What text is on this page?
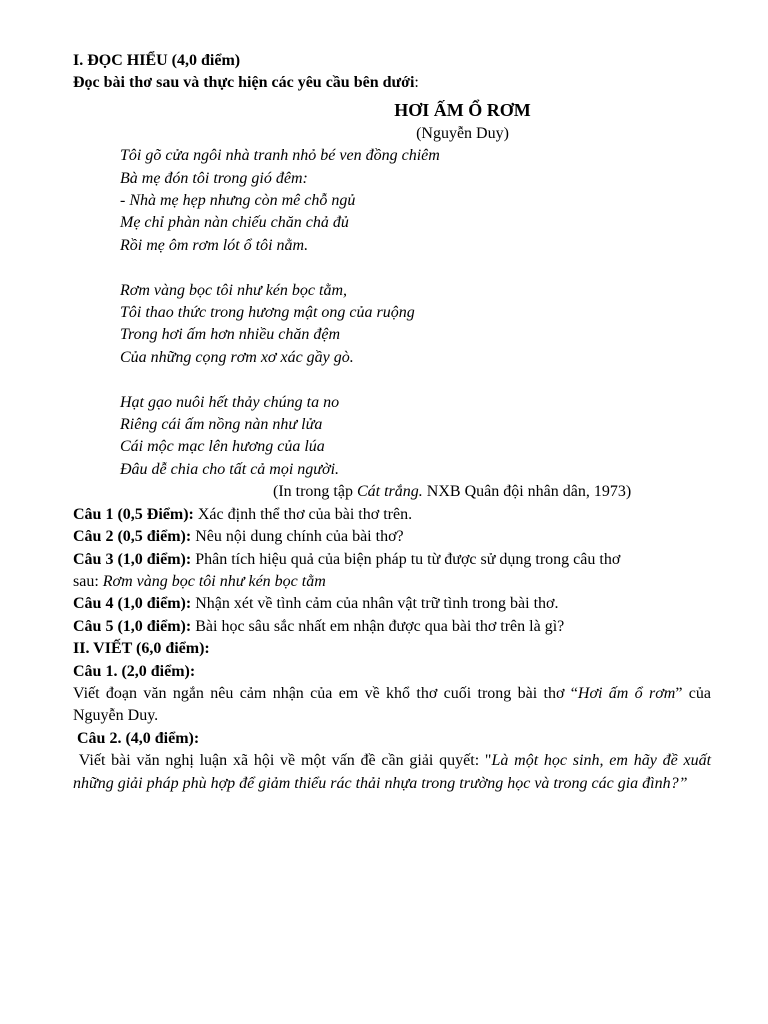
I. ĐỌC HIỂU (4,0 điểm)
Đọc bài thơ sau và thực hiện các yêu cầu bên dưới:
HƠI ẤM Ổ RƠM
(Nguyễn Duy)
Tôi gõ cửa ngôi nhà tranh nhỏ bé ven đồng chiêm
Bà mẹ đón tôi trong gió đêm:
- Nhà mẹ hẹp nhưng còn mê chỗ ngủ
Mẹ chỉ phàn nàn chiếu chăn chả đủ
Rồi mẹ ôm rơm lót ổ tôi nằm.
Rơm vàng bọc tôi như kén bọc tằm,
Tôi thao thức trong hương mật ong của ruộng
Trong hơi ấm hơn nhiều chăn đệm
Của những cọng rơm xơ xác gầy gò.
Hạt gạo nuôi hết thảy chúng ta no
Riêng cái ấm nồng nàn như lửa
Cái mộc mạc lên hương của lúa
Đâu dễ chia cho tất cả mọi người.
(In trong tập Cát trắng. NXB Quân đội nhân dân, 1973)
Câu 1 (0,5 Điểm): Xác định thể thơ của bài thơ trên.
Câu 2 (0,5 điểm): Nêu nội dung chính của bài thơ?
Câu 3 (1,0 điểm): Phân tích hiệu quả của biện pháp tu từ được sử dụng trong câu thơ
sau: Rơm vàng bọc tôi như kén bọc tằm
Câu 4 (1,0 điểm): Nhận xét về tình cảm của nhân vật trữ tình trong bài thơ.
Câu 5 (1,0 điểm): Bài học sâu sắc nhất em nhận được qua bài thơ trên là gì?
II. VIẾT (6,0 điểm):
Câu 1. (2,0 điểm):
Viết đoạn văn ngắn nêu cảm nhận của em về khổ thơ cuối trong bài thơ “Hơi ấm ổ rơm” của Nguyễn Duy.
Câu 2. (4,0 điểm):
Viết bài văn nghị luận xã hội về một vấn đề cần giải quyết: "Là một học sinh, em hãy đề xuất những giải pháp phù hợp để giảm thiểu rác thải nhựa trong trường học và trong các gia đình?”
